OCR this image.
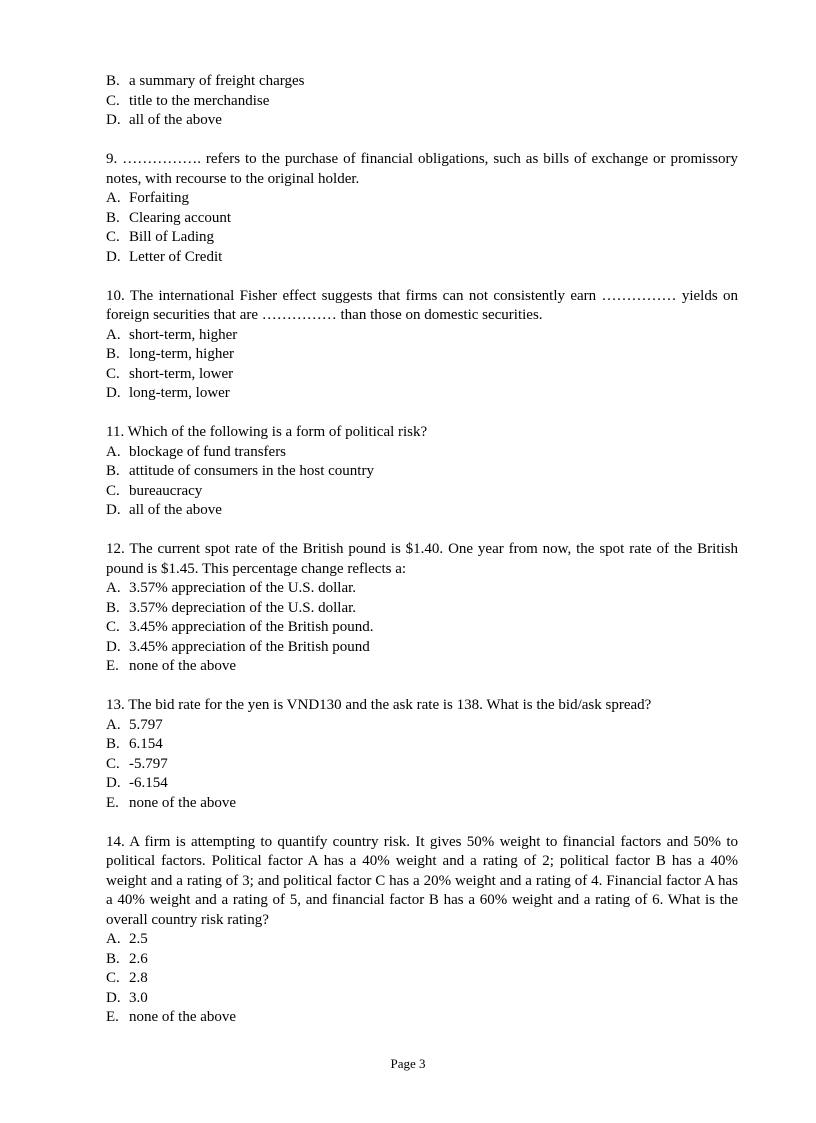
B. a summary of freight charges
C. title to the merchandise
D. all of the above

9. ……………. refers to the purchase of financial obligations, such as bills of exchange or promissory notes, with recourse to the original holder.

A. Forfaiting
B. Clearing account
C. Bill of Lading
D. Letter of Credit

10. The international Fisher effect suggests that firms can not consistently earn …………… yields on foreign securities that are …………… than those on domestic securities.

A. short-term, higher
B. long-term, higher
C. short-term, lower
D. long-term, lower

11. Which of the following is a form of political risk?

A. blockage of fund transfers
B. attitude of consumers in the host country
C. bureaucracy
D. all of the above

12. The current spot rate of the British pound is $1.40. One year from now, the spot rate of the British pound is $1.45. This percentage change reflects a:

A. 3.57% appreciation of the U.S. dollar.
B. 3.57% depreciation of the U.S. dollar.
C. 3.45% appreciation of the British pound.
D. 3.45% appreciation of the British pound
E. none of the above

13. The bid rate for the yen is VND130 and the ask rate is 138. What is the bid/ask spread?

A. 5.797
B. 6.154
C. -5.797
D. -6.154
E. none of the above

14. A firm is attempting to quantify country risk. It gives 50% weight to financial factors and 50% to political factors. Political factor A has a 40% weight and a rating of 2; political factor B has a 40% weight and a rating of 3; and political factor C has a 20% weight and a rating of 4. Financial factor A has a 40% weight and a rating of 5, and financial factor B has a 60% weight and a rating of 6. What is the overall country risk rating?

A. 2.5
B. 2.6
C. 2.8
D. 3.0
E. none of the above
Page 3
